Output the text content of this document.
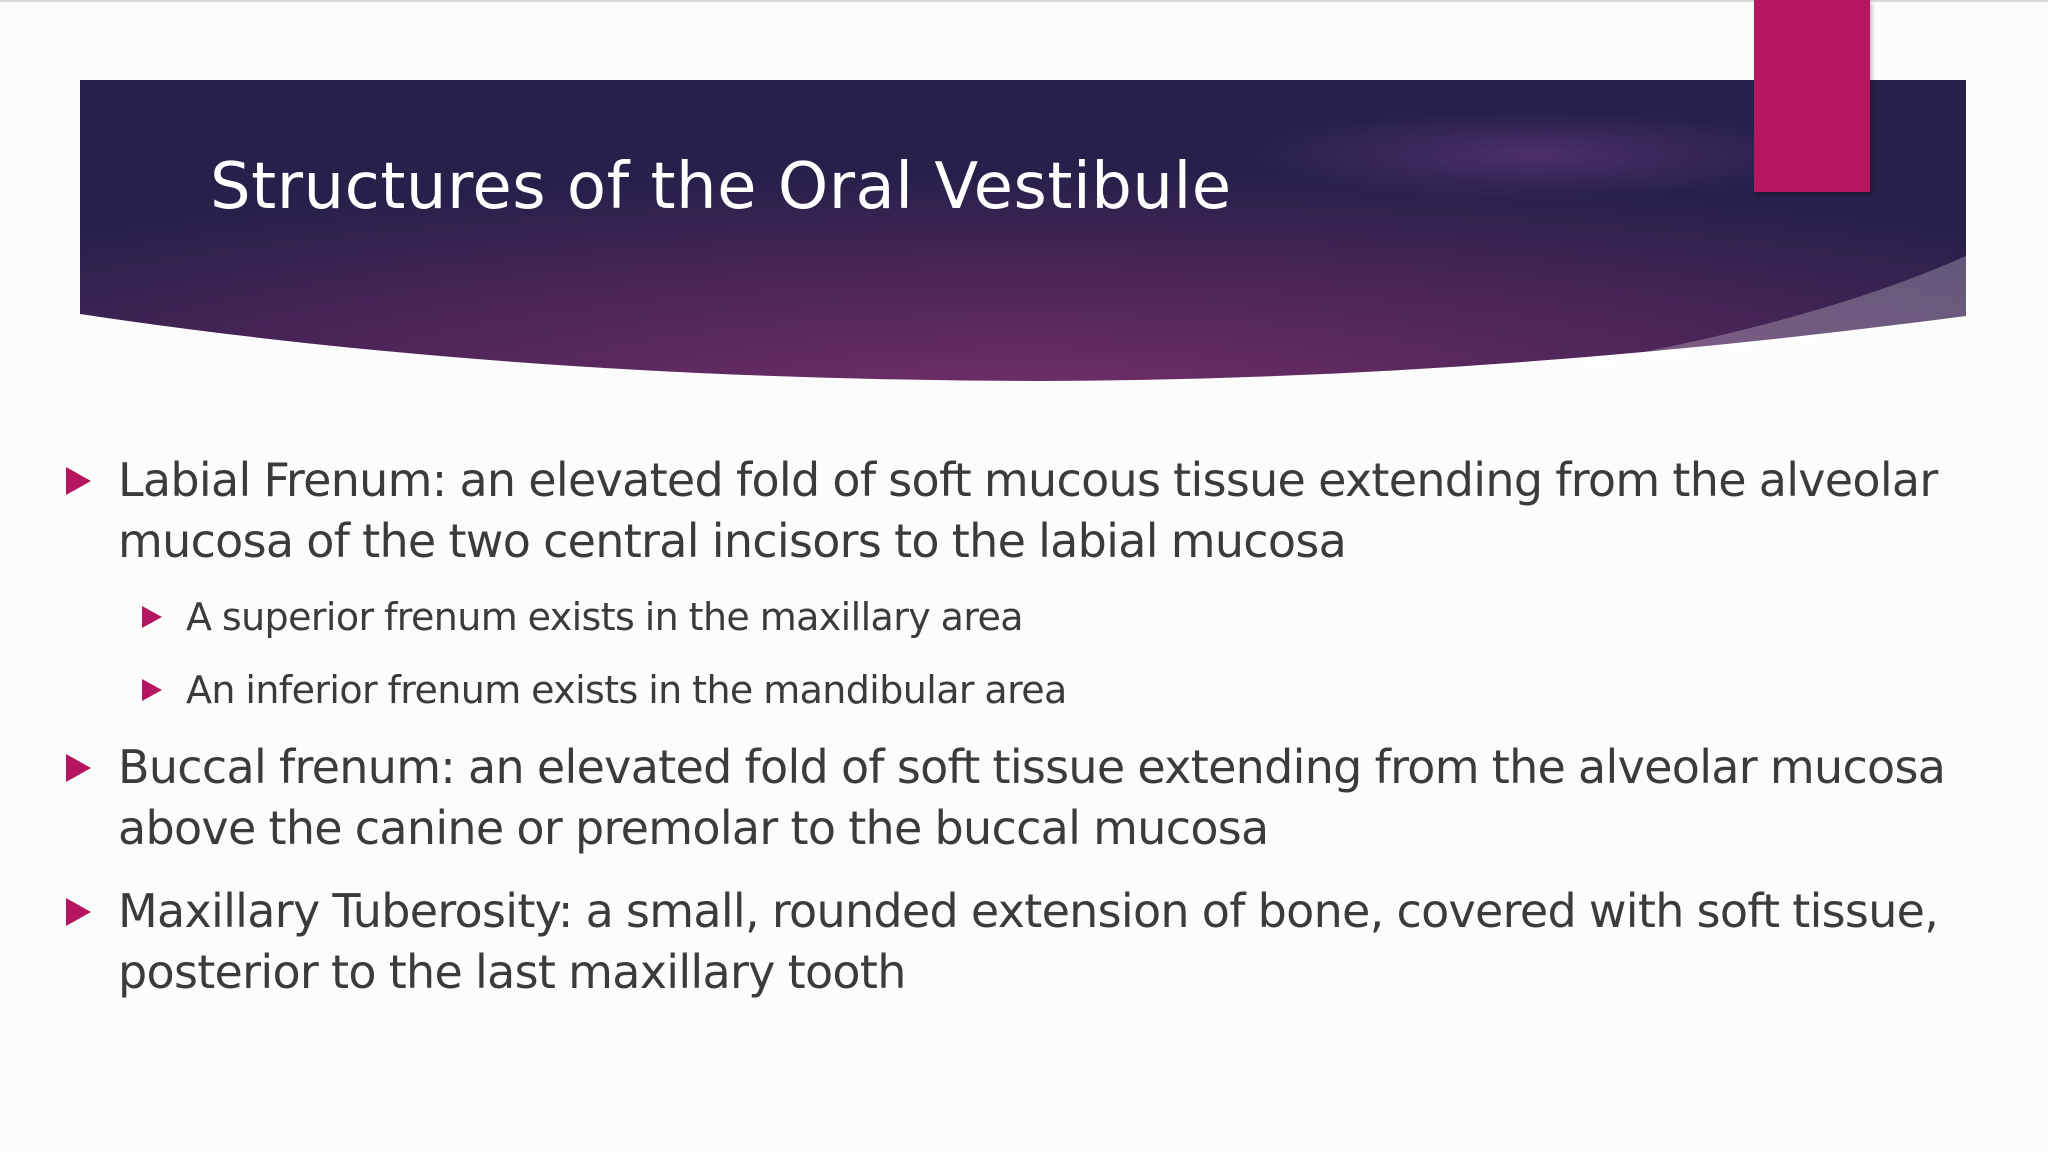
Structures of the Oral Vestibule
Labial Frenum: an elevated fold of soft mucous tissue extending from the alveolar mucosa of the two central incisors to the labial mucosa
A superior frenum exists in the maxillary area
An inferior frenum exists in the mandibular area
Buccal frenum: an elevated fold of soft tissue extending from the alveolar mucosa above the canine or premolar to the buccal mucosa
Maxillary Tuberosity: a small, rounded extension of bone, covered with soft tissue, posterior to the last maxillary tooth
